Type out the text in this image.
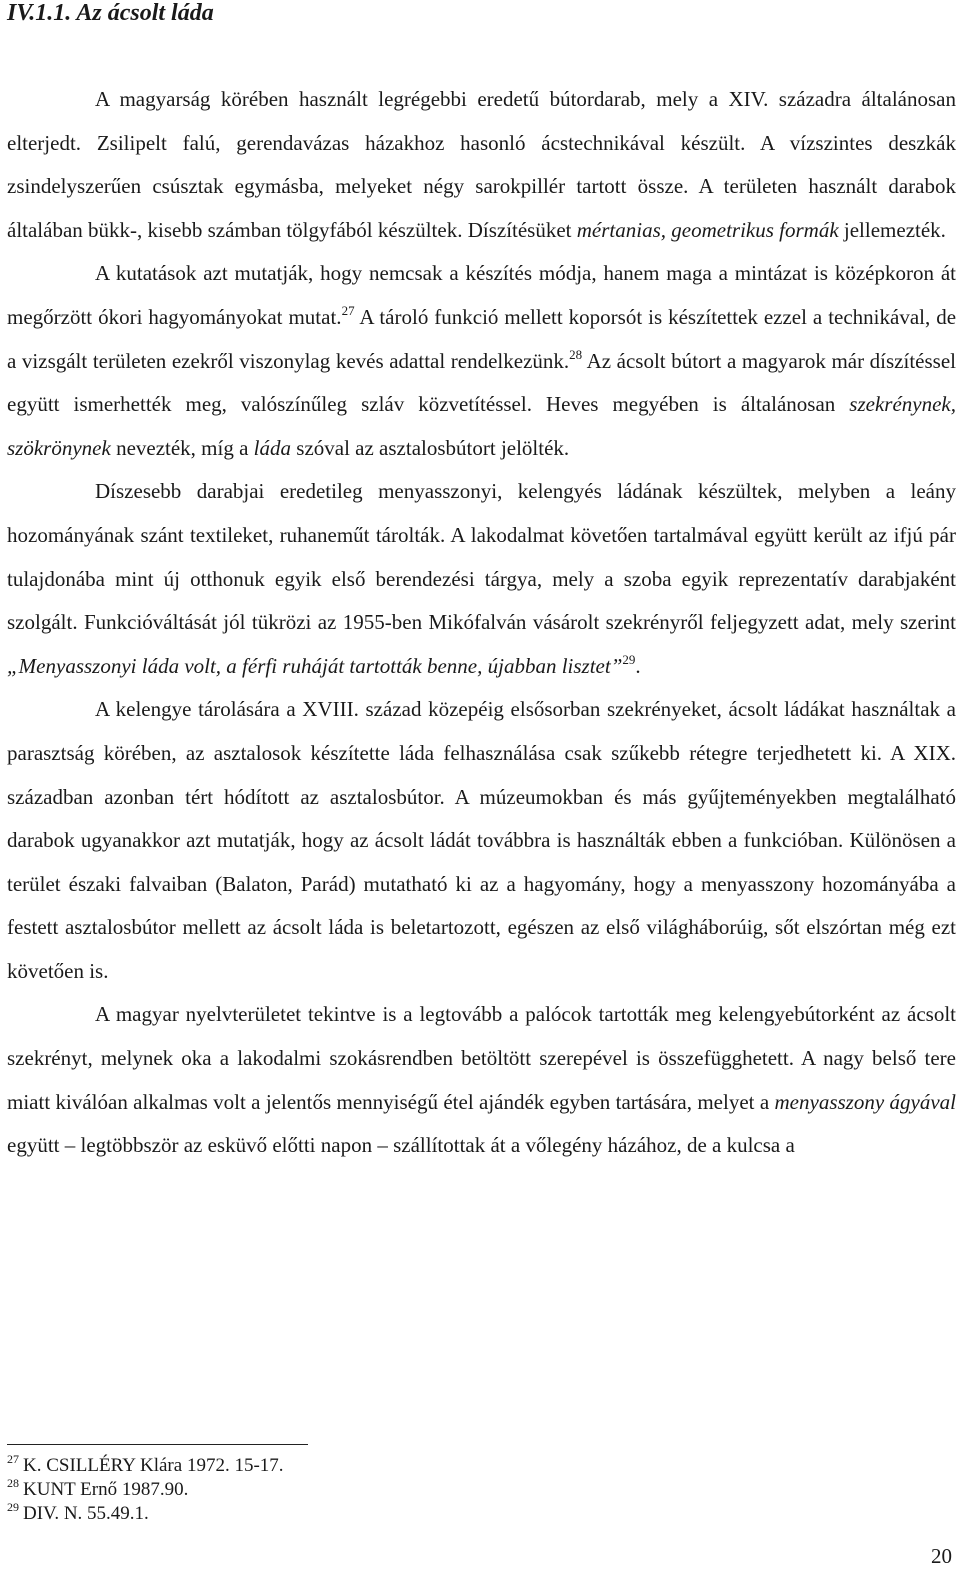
IV.1.1. Az ácsolt láda

A magyarság körében használt legrégebbi eredetű bútordarab, mely a XIV. századra általánosan elterjedt. Zsilipelt falú, gerendavázas házakhoz hasonló ácstechnikával készült. A vízszintes deszkák zsindelyszerűen csúsztak egymásba, melyeket négy sarokpillér tartott össze. A területen használt darabok általában bükk-, kisebb számban tölgyfából készültek. Díszítésüket mértanias, geometrikus formák jellemezték.

A kutatások azt mutatják, hogy nemcsak a készítés módja, hanem maga a mintázat is középkoron át megőrzött ókori hagyományokat mutat.$^{27}$ A tároló funkció mellett koporsót is készítettek ezzel a technikával, de a vizsgált területen ezekről viszonylag kevés adattal rendelkezünk.$^{28}$ Az ácsolt bútort a magyarok már díszítéssel együtt ismerhették meg, valószínűleg szláv közvetítéssel. Heves megyében is általánosan szekrénynek, szökrönynek nevezték, míg a láda szóval az asztalosbútort jelölték.

Díszesebb darabjai eredetileg menyasszonyi, kelengyés ládának készültek, melyben a leány hozományának szánt textileket, ruhaneműt tárolták. A lakodalmat követően tartalmával együtt került az ifjú pár tulajdonába mint új otthonuk egyik első berendezési tárgya, mely a szoba egyik reprezentatív darabjaként szolgált. Funkcióváltását jól tükrözi az 1955-ben Mikófalván vásárolt szekrényről feljegyzett adat, mely szerint „Menyasszonyi láda volt, a férfi ruháját tartották benne, újabban lisztet”$^{29}$.

A kelengye tárolására a XVIII. század közepéig elsősorban szekrényeket, ácsolt ládákat használtak a parasztság körében, az asztalosok készítette láda felhasználása csak szűkebb rétegre terjedhetett ki. A XIX. században azonban tért hódított az asztalosbútor. A múzeumokban és más gyűjteményekben megtalálható darabok ugyanakkor azt mutatják, hogy az ácsolt ládát továbbra is használták ebben a funkcióban. Különösen a terület északi falvaiban (Balaton, Parád) mutatható ki az a hagyomány, hogy a menyasszony hozományába a festett asztalosbútor mellett az ácsolt láda is beletartozott, egészen az első világháborúig, sőt elszórtan még ezt követően is.

A magyar nyelvterületet tekintve is a legtovább a palócok tartották meg kelengyebútorként az ácsolt szekrényt, melynek oka a lakodalmi szokásrendben betöltött szerepével is összefügghetett. A nagy belső tere miatt kiválóan alkalmas volt a jelentős mennyiségű étel ajándék egyben tartására, melyet a menyasszony ágyával együtt – legtöbbször az esküvő előtti napon – szállítottak át a vőlegény házához, de a kulcsa a

$^{27}$ K. CSILLÉRY Klára 1972. 15-17.

$^{28}$ KUNT Ernő 1987.90.

$^{29}$ DIV. N. 55.49.1.

20
